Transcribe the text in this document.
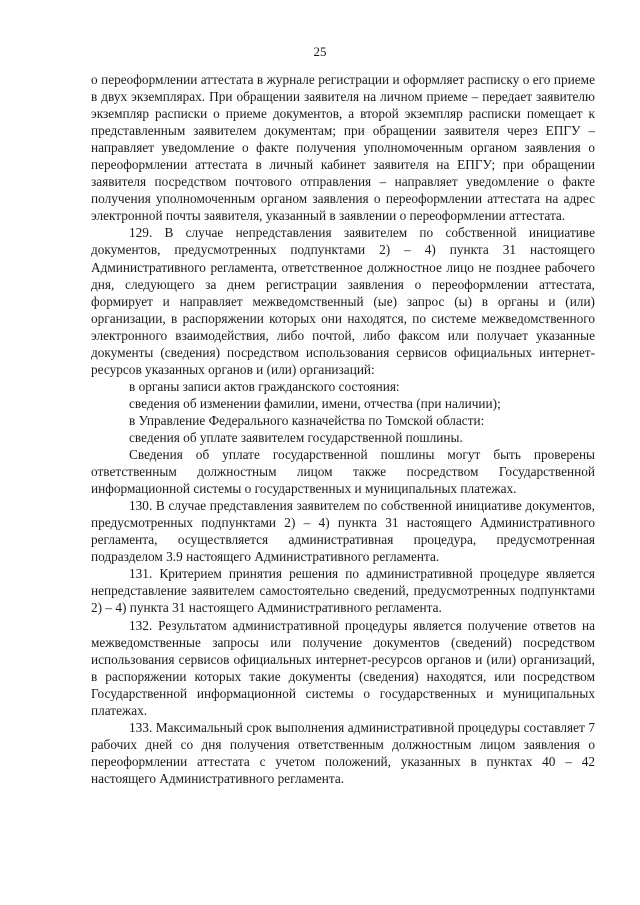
25

о переоформлении аттестата в журнале регистрации и оформляет расписку о его приеме в двух экземплярах. При обращении заявителя на личном приеме – передает заявителю экземпляр расписки о приеме документов, а второй экземпляр расписки помещает к представленным заявителем документам; при обращении заявителя через ЕПГУ – направляет уведомление о факте получения уполномоченным органом заявления о переоформлении аттестата в личный кабинет заявителя на ЕПГУ; при обращении заявителя посредством почтового отправления – направляет уведомление о факте получения уполномоченным органом заявления о переоформлении аттестата на адрес электронной почты заявителя, указанный в заявлении о переоформлении аттестата.

129. В случае непредставления заявителем по собственной инициативе документов, предусмотренных подпунктами 2) – 4) пункта 31 настоящего Административного регламента, ответственное должностное лицо не позднее рабочего дня, следующего за днем регистрации заявления о переоформлении аттестата, формирует и направляет межведомственный (ые) запрос (ы) в органы и (или) организации, в распоряжении которых они находятся, по системе межведомственного электронного взаимодействия, либо почтой, либо факсом или получает указанные документы (сведения) посредством использования сервисов официальных интернет-ресурсов указанных органов и (или) организаций:

в органы записи актов гражданского состояния:

сведения об изменении фамилии, имени, отчества (при наличии);

в Управление Федерального казначейства по Томской области:

сведения об уплате заявителем государственной пошлины.

Сведения об уплате государственной пошлины могут быть проверены ответственным должностным лицом также посредством Государственной информационной системы о государственных и муниципальных платежах.

130. В случае представления заявителем по собственной инициативе документов, предусмотренных подпунктами 2) – 4) пункта 31 настоящего Административного регламента, осуществляется административная процедура, предусмотренная подразделом 3.9 настоящего Административного регламента.

131. Критерием принятия решения по административной процедуре является непредставление заявителем самостоятельно сведений, предусмотренных подпунктами 2) – 4) пункта 31 настоящего Административного регламента.

132. Результатом административной процедуры является получение ответов на межведомственные запросы или получение документов (сведений) посредством использования сервисов официальных интернет-ресурсов органов и (или) организаций, в распоряжении которых такие документы (сведения) находятся, или посредством Государственной информационной системы о государственных и муниципальных платежах.

133. Максимальный срок выполнения административной процедуры составляет 7 рабочих дней со дня получения ответственным должностным лицом заявления о переоформлении аттестата с учетом положений, указанных в пунктах 40 – 42 настоящего Административного регламента.
